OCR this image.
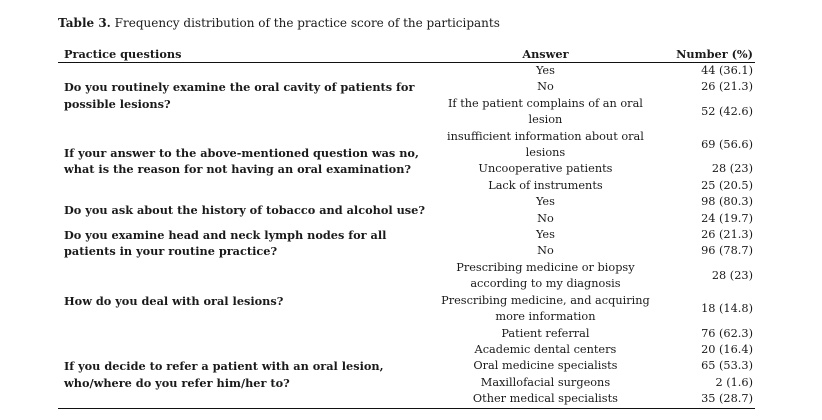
Table 3. Frequency distribution of the practice score of the participants
Practice questions	Answer	Number (%)
Do you routinely examine the oral cavity of patients for possible lesions?	Yes	44 (36.1)
	No	26 (21.3)
	If the patient complains of an oral lesion	52 (42.6)
If your answer to the above-mentioned question was no, what is the reason for not having an oral examination?	insufficient information about oral lesions	69 (56.6)
	Uncooperative patients	28 (23)
	Lack of instruments	25 (20.5)
Do you ask about the history of tobacco and alcohol use?	Yes	98 (80.3)
	No	24 (19.7)
Do you examine head and neck lymph nodes for all patients in your routine practice?	Yes	26 (21.3)
	No	96 (78.7)
How do you deal with oral lesions?	Prescribing medicine or biopsy according to my diagnosis	28 (23)
	Prescribing medicine, and acquiring more information	18 (14.8)
	Patient referral	76 (62.3)
If you decide to refer a patient with an oral lesion, who/where do you refer him/her to?	Academic dental centers	20 (16.4)
	Oral medicine specialists	65 (53.3)
	Maxillofacial surgeons	2 (1.6)
	Other medical specialists	35 (28.7)
